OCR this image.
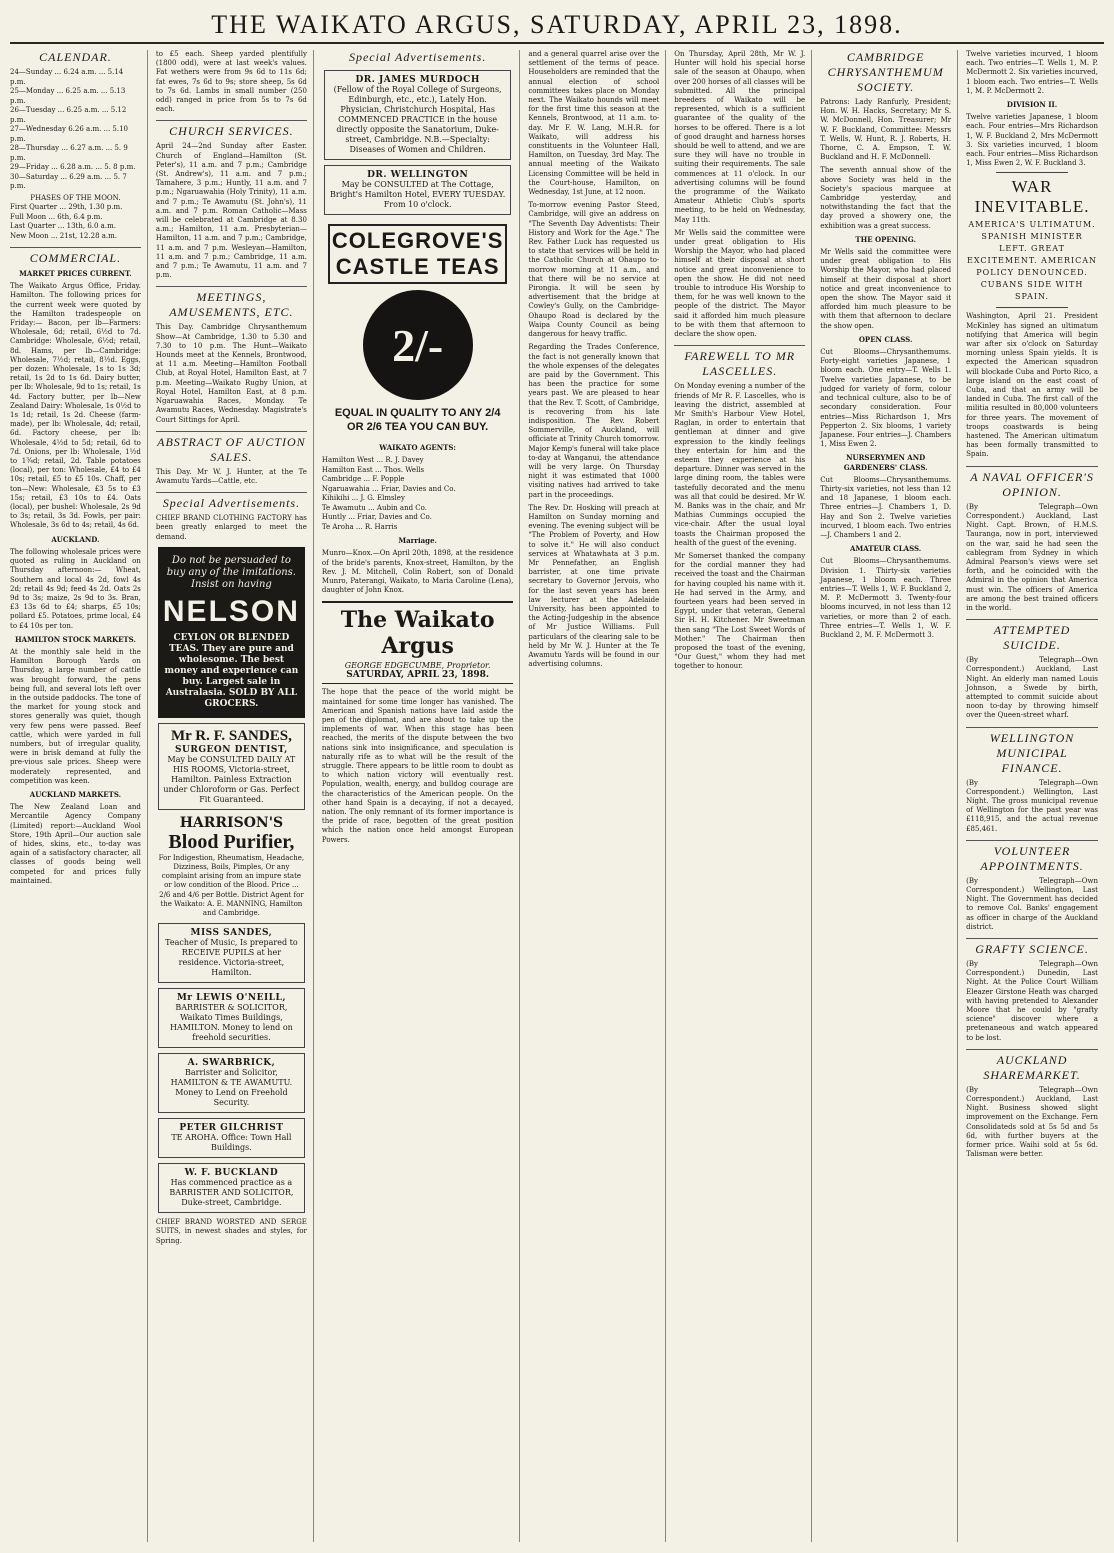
THE WAIKATO ARGUS, SATURDAY, APRIL 23, 1898.
CALENDAR.
24—Sunday ... 6.24 a.m. ... 5.14 p.m.
25—Monday ... 6.25 a.m. ... 5.13 p.m.
26—Tuesday ... 6.25 a.m. ... 5.12 p.m.
27—Wednesday 6.26 a.m. ... 5.10 p.m.
28—Thursday ... 6.27 a.m. ... 5. 9 p.m.
29—Friday ... 6.28 a.m. ... 5. 8 p.m.
30—Saturday ... 6.29 a.m. ... 5. 7 p.m.
PHASES OF THE MOON.
First Quarter ... 29th, 1.30 p.m.
Full Moon ... 6th, 6.4 p.m.
Last Quarter ... 13th, 6.0 a.m.
New Moon ... 21st, 12.28 a.m.
COMMERCIAL.
MARKET PRICES CURRENT.

The Waikato Argus Office, Friday. Hamilton. The following prices for the current week were quoted by the Hamilton tradespeople on Friday:— Bacon, per lb—Farmers: Wholesale, 6d; retail, 6½d to 7d. Cambridge: Wholesale, 6½d; retail, 8d. Hams, per lb—Cambridge: Wholesale, 7½d; retail, 8½d. Eggs, per dozen: Wholesale, 1s to 1s 3d; retail, 1s 2d to 1s 6d. Dairy butter, per lb: Wholesale, 9d to 1s; retail, 1s 4d. Factory butter, per lb—New Zealand Dairy: Wholesale, 1s 0½d to 1s 1d; retail, 1s 2d. Cheese (farm-made), per lb: Wholesale, 4d; retail, 6d. Factory cheese, per lb: Wholesale, 4½d to 5d; retail, 6d to 7d. Onions, per lb: Wholesale, 1½d to 1¾d; retail, 2d. Table potatoes (local), per ton: Wholesale, £4 to £4 10s; retail, £5 to £5 10s. Chaff, per ton—New: Wholesale, £3 5s to £3 15s; retail, £3 10s to £4. Oats (local), per bushel: Wholesale, 2s 9d to 3s; retail, 3s 3d. Fowls, per pair: Wholesale, 3s 6d to 4s; retail, 4s 6d.

AUCKLAND.

The following wholesale prices were quoted as ruling in Auckland on Thursday afternoon:— Wheat, Southern and local 4s 2d, fowl 4s 2d; retail 4s 9d; feed 4s 2d. Oats 2s 9d to 3s; maize, 2s 9d to 3s. Bran, £3 13s 6d to £4; sharps, £5 10s; pollard £5. Potatoes, prime local, £4 to £4 10s per ton.

HAMILTON STOCK MARKETS.

At the monthly sale held in the Hamilton Borough Yards on Thursday, a large number of cattle was brought forward, the pens being full, and several lots left over in the outside paddocks. The tone of the market for young stock and stores generally was quiet, though very few pens were passed. Beef cattle, which were yarded in full numbers, but of irregular quality, were in brisk demand at fully the pre-vious sale prices. Sheep were moderately represented, and competition was keen.

AUCKLAND MARKETS.

The New Zealand Loan and Mercantile Agency Company (Limited) report:—Auckland Wool Store, 19th April—Our auction sale of hides, skins, etc., to-day was again of a satisfactory character, all classes of goods being well competed for and prices fully maintained.

to £5 each. Sheep yarded plentifully (1800 odd), were at last week's values. Fat wethers were from 9s 6d to 11s 6d; fat ewes, 7s 6d to 9s; store sheep, 5s 6d to 7s 6d. Lambs in small number (250 odd) ranged in price from 5s to 7s 6d each.

CHURCH SERVICES.

April 24—2nd Sunday after Easter. Church of England—Hamilton (St. Peter's), 11 a.m. and 7 p.m.; Cambridge (St. Andrew's), 11 a.m. and 7 p.m.; Tamahere, 3 p.m.; Huntly, 11 a.m. and 7 p.m.; Ngaruawahia (Holy Trinity), 11 a.m. and 7 p.m.; Te Awamutu (St. John's), 11 a.m. and 7 p.m. Roman Catholic—Mass will be celebrated at Cambridge at 8.30 a.m.; Hamilton, 11 a.m. Presbyterian—Hamilton, 11 a.m. and 7 p.m.; Cambridge, 11 a.m. and 7 p.m. Wesleyan—Hamilton, 11 a.m. and 7 p.m.; Cambridge, 11 a.m. and 7 p.m.; Te Awamutu, 11 a.m. and 7 p.m.

MEETINGS, AMUSEMENTS, ETC.

This Day. Cambridge Chrysanthemum Show—At Cambridge, 1.30 to 5.30 and 7.30 to 10 p.m. The Hunt—Waikato Hounds meet at the Kennels, Brontwood, at 11 a.m. Meeting—Hamilton Football Club, at Royal Hotel, Hamilton East, at 7 p.m. Meeting—Waikato Rugby Union, at Royal Hotel, Hamilton East, at 8 p.m. Ngaruawahia Races, Monday. Te Awamutu Races, Wednesday. Magistrate's Court Sittings for April.

ABSTRACT OF AUCTION SALES.

This Day. Mr W. J. Hunter, at the Te Awamutu Yards—Cattle, etc.

Special Advertisements.

CHIEF BRAND CLOTHING FACTORY has been greatly enlarged to meet the demand.

Do not be persuaded to buy any of the imitations. Insist on having
NELSON
CEYLON OR BLENDED TEAS. They are pure and wholesome. The best money and experience can buy. Largest sale in Australasia. SOLD BY ALL GROCERS.
Mr R. F. SANDES,
SURGEON DENTIST,
May be CONSULTED DAILY AT HIS ROOMS, Victoria-street, Hamilton. Painless Extraction under Chloroform or Gas. Perfect Fit Guaranteed.
HARRISON'S
Blood Purifier,
For Indigestion, Rheumatism, Headache, Dizziness, Boils, Pimples, Or any complaint arising from an impure state or low condition of the Blood. Price ... 2/6 and 4/6 per Bottle. District Agent for the Waikato: A. E. MANNING, Hamilton and Cambridge.
MISS SANDES,
Teacher of Music, Is prepared to RECEIVE PUPILS at her residence. Victoria-street, Hamilton.
Mr LEWIS O'NEILL,
BARRISTER & SOLICITOR, Waikato Times Buildings, HAMILTON. Money to lend on freehold securities.
A. SWARBRICK,
Barrister and Solicitor, HAMILTON & TE AWAMUTU. Money to Lend on Freehold Security.
PETER GILCHRIST
TE AROHA. Office: Town Hall Buildings.
W. F. BUCKLAND
Has commenced practice as a BARRISTER AND SOLICITOR, Duke-street, Cambridge.

CHIEF BRAND WORSTED AND SERGE SUITS, in newest shades and styles, for Spring.

Special Advertisements.
DR. JAMES MURDOCH
(Fellow of the Royal College of Surgeons, Edinburgh, etc., etc.), Lately Hon. Physician, Christchurch Hospital, Has COMMENCED PRACTICE in the house directly opposite the Sanatorium, Duke-street, Cambridge. N.B.—Specialty: Diseases of Women and Children.
DR. WELLINGTON
May be CONSULTED at The Cottage, Bright's Hamilton Hotel, EVERY TUESDAY. From 10 o'clock.
COLEGROVE'S CASTLE TEAS
2/-
EQUAL IN QUALITY TO ANY 2/4 OR 2/6 TEA YOU CAN BUY.
WAIKATO AGENTS:
Hamilton West ... R. J. Davey
Hamilton East ... Thos. Wells
Cambridge ... F. Popple
Ngaruawahia ... Friar, Davies and Co.
Kihikihi ... J. G. Elmsley
Te Awamutu ... Aubin and Co.
Huntly ... Friar, Davies and Co.
Te Aroha ... R. Harris
Marriage.

Munro—Knox.—On April 20th, 1898, at the residence of the bride's parents, Knox-street, Hamilton, by the Rev. J. M. Mitchell, Colin Robert, son of Donald Munro, Paterangi, Waikato, to Maria Caroline (Lena), daughter of John Knox.

The Waikato Argus
GEORGE EDGECUMBE, Proprietor.
SATURDAY, APRIL 23, 1898.

The hope that the peace of the world might be maintained for some time longer has vanished. The American and Spanish nations have laid aside the pen of the diplomat, and are about to take up the implements of war. When this stage has been reached, the merits of the dispute between the two nations sink into insignificance, and speculation is naturally rife as to what will be the result of the struggle. There appears to be little room to doubt as to which nation victory will eventually rest. Population, wealth, energy, and bulldog courage are the characteristics of the American people. On the other hand Spain is a decaying, if not a decayed, nation. The only remnant of its former importance is the pride of race, begotten of the great position which the nation once held amongst European Powers.

and a general quarrel arise over the settlement of the terms of peace. Householders are reminded that the annual election of school committees takes place on Monday next. The Waikato hounds will meet for the first time this season at the Kennels, Brontwood, at 11 a.m. to-day. Mr F. W. Lang, M.H.R. for Waikato, will address his constituents in the Volunteer Hall, Hamilton, on Tuesday, 3rd May. The annual meeting of the Waikato Licensing Committee will be held in the Court-house, Hamilton, on Wednesday, 1st June, at 12 noon.

To-morrow evening Pastor Steed, Cambridge, will give an address on "The Seventh Day Adventists: Their History and Work for the Age." The Rev. Father Luck has requested us to state that services will be held in the Catholic Church at Ohaupo to-morrow morning at 11 a.m., and that there will be no service at Pirongia. It will be seen by advertisement that the bridge at Cowley's Gully, on the Cambridge-Ohaupo Road is declared by the Waipa County Council as being dangerous for heavy traffic.

Regarding the Trades Conference, the fact is not generally known that the whole expenses of the delegates are paid by the Government. This has been the practice for some years past. We are pleased to hear that the Rev. T. Scott, of Cambridge, is recovering from his late indisposition. The Rev. Robert Sommerville, of Auckland, will officiate at Trinity Church tomorrow. Major Kemp's funeral will take place to-day at Wanganui, the attendance will be very large. On Thursday night it was estimated that 1000 visiting natives had arrived to take part in the proceedings.

The Rev. Dr. Hosking will preach at Hamilton on Sunday morning and evening. The evening subject will be "The Problem of Poverty, and How to solve it." He will also conduct services at Whatawhata at 3 p.m. Mr Pennefather, an English barrister, at one time private secretary to Governor Jervois, who for the last seven years has been law lecturer at the Adelaide University, has been appointed to the Acting-Judgeship in the absence of Mr Justice Williams. Full particulars of the clearing sale to be held by Mr W. J. Hunter at the Te Awamutu Yards will be found in our advertising columns.

On Thursday, April 28th, Mr W. J. Hunter will hold his special horse sale of the season at Ohaupo, when over 200 horses of all classes will be submitted. All the principal breeders of Waikato will be represented, which is a sufficient guarantee of the quality of the horses to be offered. There is a lot of good draught and harness horses should be well to attend, and we are sure they will have no trouble in suiting their requirements. The sale commences at 11 o'clock. In our advertising columns will be found the programme of the Waikato Amateur Athletic Club's sports meeting, to be held on Wednesday, May 11th.

Mr Wells said the committee were under great obligation to His Worship the Mayor, who had placed himself at their disposal at short notice and great inconvenience to open the show. He did not need trouble to introduce His Worship to them, for he was well known to the people of the district. The Mayor said it afforded him much pleasure to be with them that afternoon to declare the show open.

FAREWELL TO MR LASCELLES.

On Monday evening a number of the friends of Mr R. F. Lascelles, who is leaving the district, assembled at Mr Smith's Harbour View Hotel, Raglan, in order to entertain that gentleman at dinner and give expression to the kindly feelings they entertain for him and the esteem they experience at his departure. Dinner was served in the large dining room, the tables were tastefully decorated and the menu was all that could be desired. Mr W. M. Banks was in the chair, and Mr Mathias Cummings occupied the vice-chair. After the usual loyal toasts the Chairman proposed the health of the guest of the evening.

Mr Somerset thanked the company for the cordial manner they had received the toast and the Chairman for having coupled his name with it. He had served in the Army, and fourteen years had been served in Egypt, under that veteran, General Sir H. H. Kitchener. Mr Sweetman then sang "The Lost Sweet Words of Mother." The Chairman then proposed the toast of the evening, "Our Guest," whom they had met together to honour.

CAMBRIDGE CHRYSANTHEMUM SOCIETY.

Patrons: Lady Ranfurly, President; Hon. W. H. Hacks, Secretary; Mr S. W. McDonnell, Hon. Treasurer; Mr W. F. Buckland, Committee: Messrs T. Wells, W. Hunt, R. J. Roberts, H. Thorne, C. A. Empson, T. W. Buckland and H. F. McDonnell.

The seventh annual show of the above Society was held in the Society's spacious marquee at Cambridge yesterday, and notwithstanding the fact that the day proved a showery one, the exhibition was a great success.

THE OPENING.

Mr Wells said the committee were under great obligation to His Worship the Mayor, who had placed himself at their disposal at short notice and great inconvenience to open the show. The Mayor said it afforded him much pleasure to be with them that afternoon to declare the show open.

OPEN CLASS.

Cut Blooms—Chrysanthemums. Forty-eight varieties Japanese, 1 bloom each. One entry—T. Wells 1. Twelve varieties Japanese, to be judged for variety of form, colour and technical culture, also to be of secondary consideration. Four entries—Miss Richardson 1, Mrs Pepperton 2. Six blooms, 1 variety Japanese. Four entries—J. Chambers 1, Miss Ewen 2.

NURSERYMEN AND GARDENERS' CLASS.

Cut Blooms—Chrysanthemums. Thirty-six varieties, not less than 12 and 18 Japanese, 1 bloom each. Three entries—J. Chambers 1, D. Hay and Son 2. Twelve varieties incurved, 1 bloom each. Two entries—J. Chambers 1 and 2.

AMATEUR CLASS.

Cut Blooms—Chrysanthemums. Division 1. Thirty-six varieties Japanese, 1 bloom each. Three entries—T. Wells 1, W. F. Buckland 2, M. P. McDermott 3. Twenty-four blooms incurved, in not less than 12 varieties, or more than 2 of each. Three entries—T. Wells 1, W. F. Buckland 2, M. F. McDermott 3.

Twelve varieties incurved, 1 bloom each. Two entries—T. Wells 1, M. P. McDermott 2. Six varieties incurved, 1 bloom each. Two entries—T. Wells 1, M. P. McDermott 2.

DIVISION II.

Twelve varieties Japanese, 1 bloom each. Four entries—Mrs Richardson 1, W. F. Buckland 2, Mrs McDermott 3. Six varieties incurved, 1 bloom each. Four entries—Miss Richardson 1, Miss Ewen 2, W. F. Buckland 3.

WAR INEVITABLE.
AMERICA'S ULTIMATUM. SPANISH MINISTER LEFT. GREAT EXCITEMENT. AMERICAN POLICY DENOUNCED. CUBANS SIDE WITH SPAIN.

Washington, April 21. President McKinley has signed an ultimatum notifying that America will begin war after six o'clock on Saturday morning unless Spain yields. It is expected the American squadron will blockade Cuba and Porto Rico, a large island on the east coast of Cuba, and that an army will be landed in Cuba. The first call of the militia resulted in 80,000 volunteers for three years. The movement of troops coastwards is being hastened. The American ultimatum has been formally transmitted to Spain.

A NAVAL OFFICER'S OPINION.

(By Telegraph—Own Correspondent.) Auckland, Last Night. Capt. Brown, of H.M.S. Tauranga, now in port, interviewed on the war, said he had seen the cablegram from Sydney in which Admiral Pearson's views were set forth, and he coincided with the Admiral in the opinion that America must win. The officers of America are among the best trained officers in the world.

ATTEMPTED SUICIDE.

(By Telegraph—Own Correspondent.) Auckland, Last Night. An elderly man named Louis Johnson, a Swede by birth, attempted to commit suicide about noon to-day by throwing himself over the Queen-street wharf.

WELLINGTON MUNICIPAL FINANCE.

(By Telegraph—Own Correspondent.) Wellington, Last Night. The gross municipal revenue of Wellington for the past year was £118,915, and the actual revenue £85,461.

VOLUNTEER APPOINTMENTS.

(By Telegraph—Own Correspondent.) Wellington, Last Night. The Government has decided to remove Col. Banks' engagement as officer in charge of the Auckland district.

GRAFTY SCIENCE.

(By Telegraph—Own Correspondent.) Dunedin, Last Night. At the Police Court William Eleazer Girstone Heath was charged with having pretended to Alexander Moore that he could by "grafty science" discover where a pretenaneous and watch appeared to be lost.

AUCKLAND SHAREMARKET.

(By Telegraph—Own Correspondent.) Auckland, Last Night. Business showed slight improvement on the Exchange. Fern Consolidateds sold at 5s 5d and 5s 6d, with further buyers at the former price. Waihi sold at 5s 6d. Talisman were better.
